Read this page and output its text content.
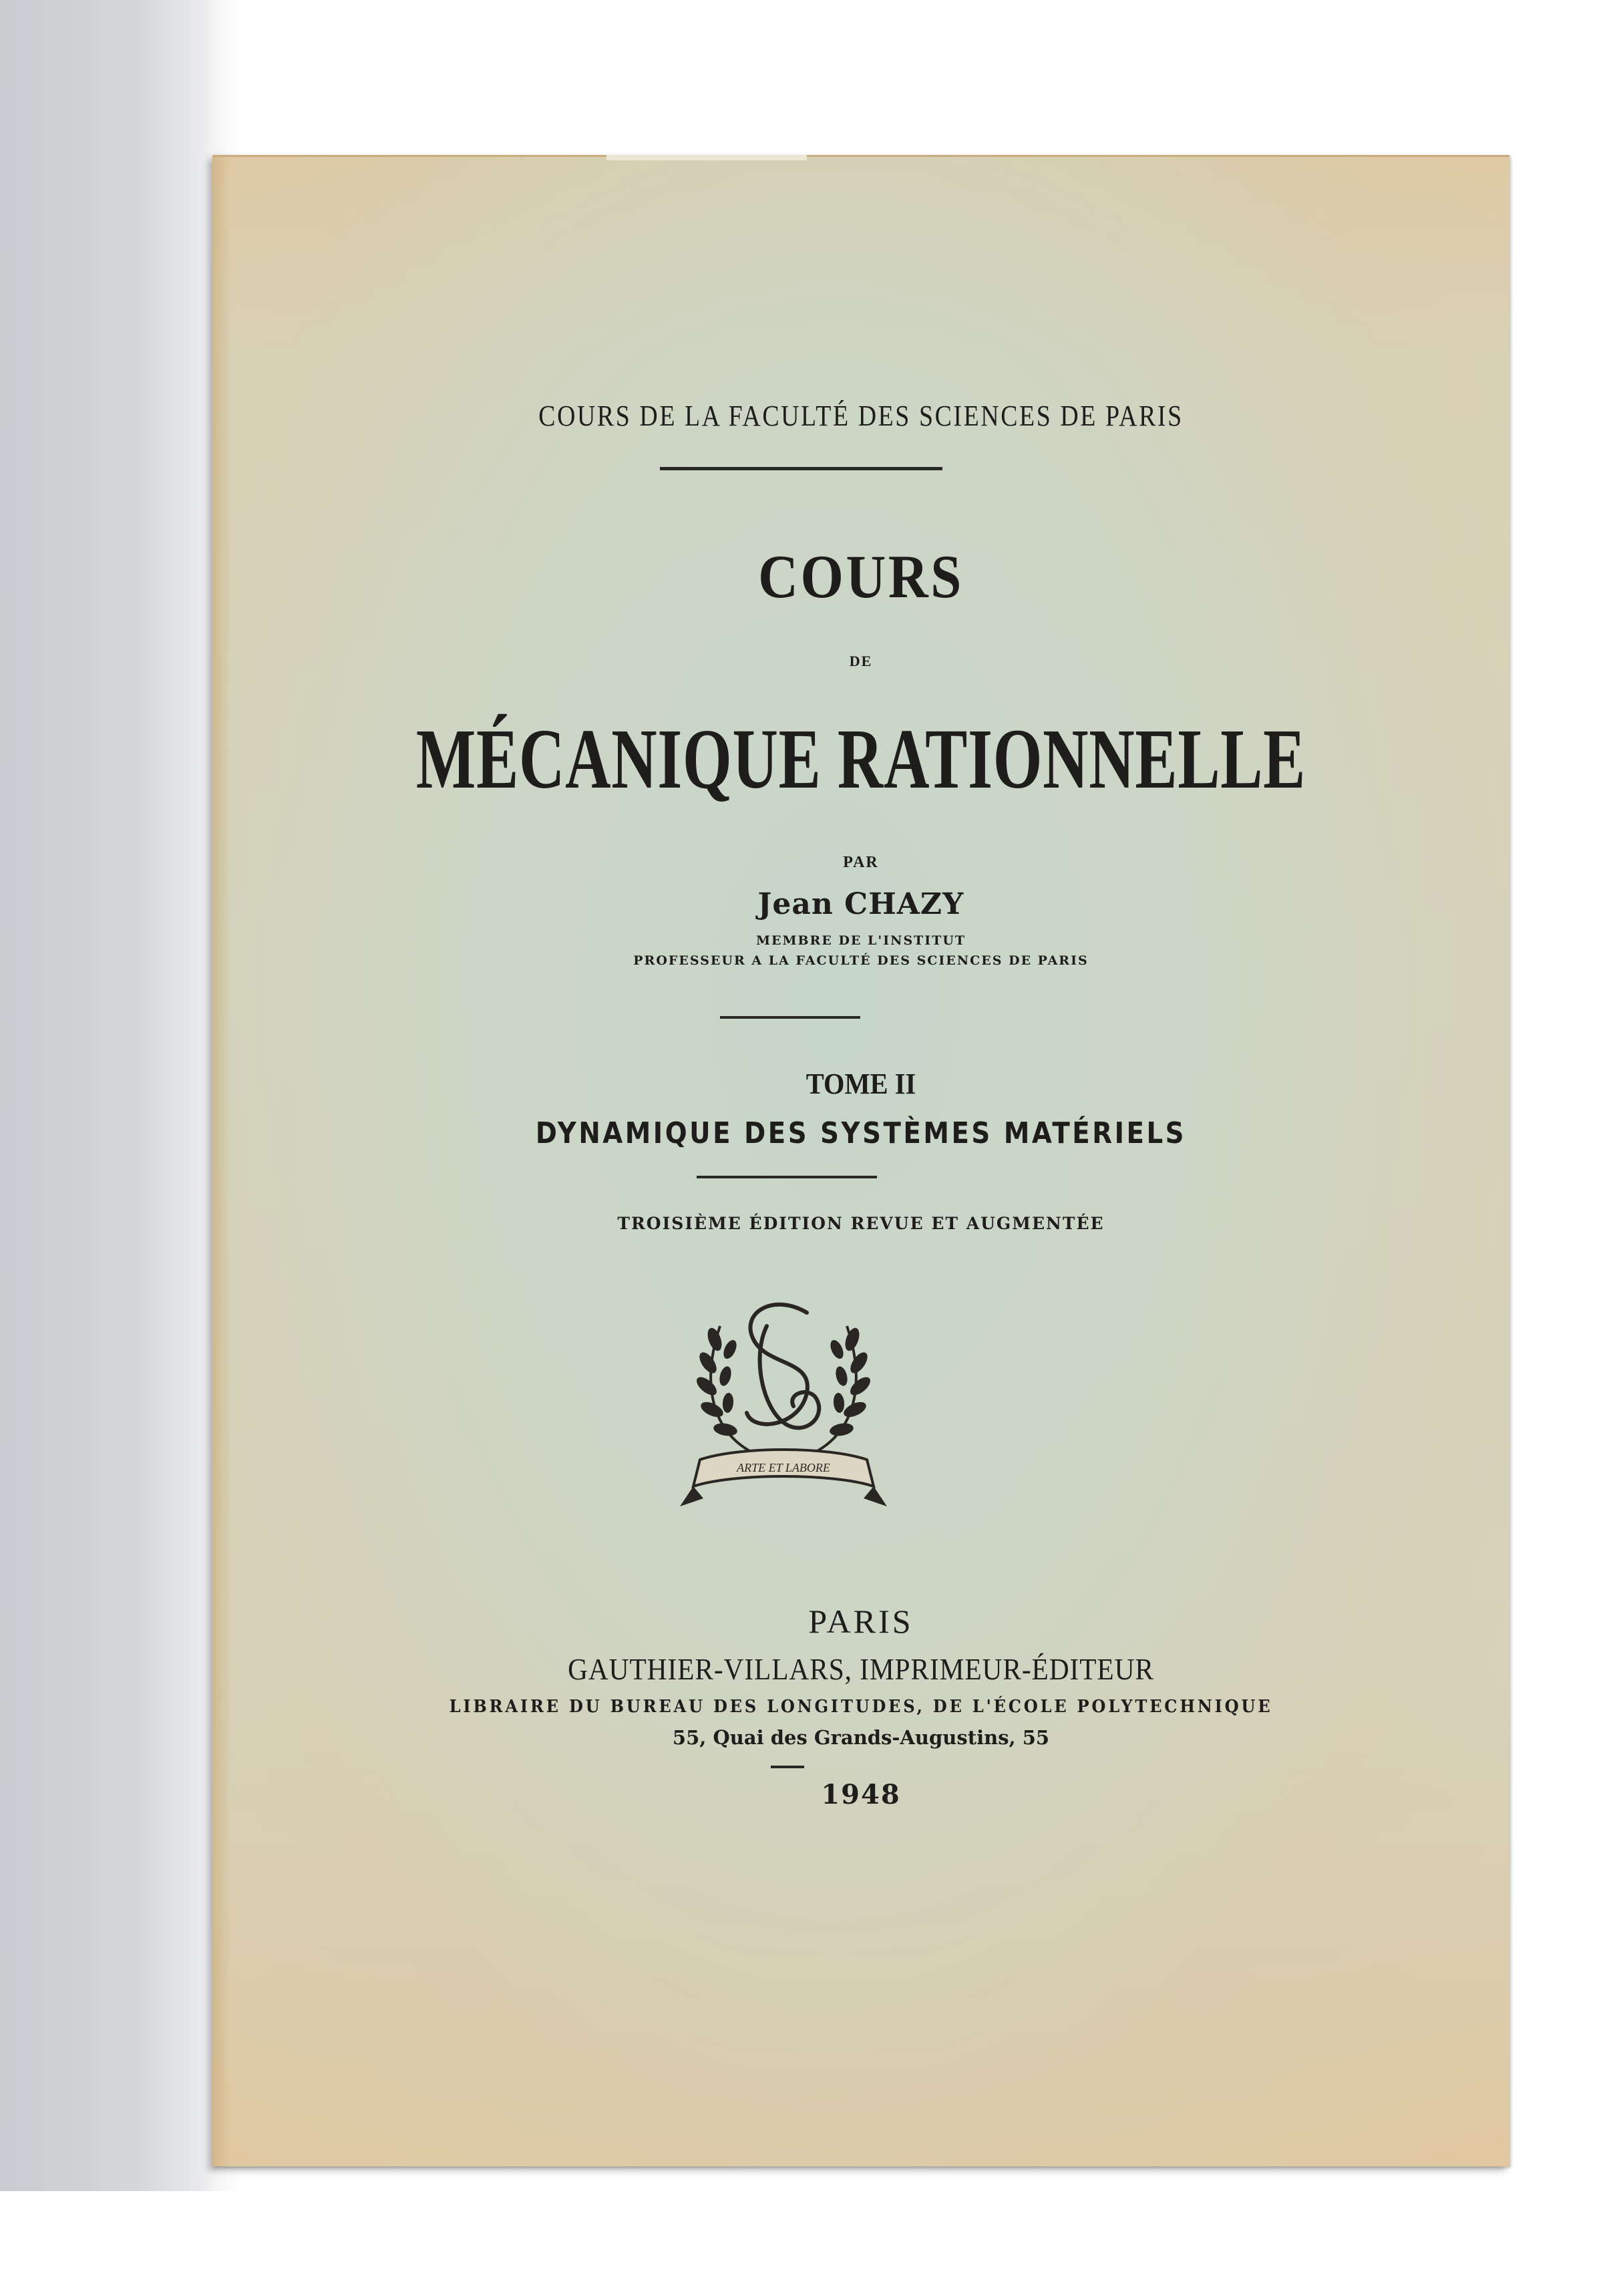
COURS DE LA FACULTÉ DES SCIENCES DE PARIS

COURS

DE

MÉCANIQUE RATIONNELLE

PAR

Jean CHAZY

MEMBRE DE L'INSTITUT

PROFESSEUR A LA FACULTÉ DES SCIENCES DE PARIS

TOME II

DYNAMIQUE DES SYSTÈMES MATÉRIELS

TROISIÈME ÉDITION REVUE ET AUGMENTÉE

ARTE ET LABORE

PARIS

GAUTHIER-VILLARS, IMPRIMEUR-ÉDITEUR

LIBRAIRE DU BUREAU DES LONGITUDES, DE L'ÉCOLE POLYTECHNIQUE

55, Quai des Grands-Augustins, 55

1948
